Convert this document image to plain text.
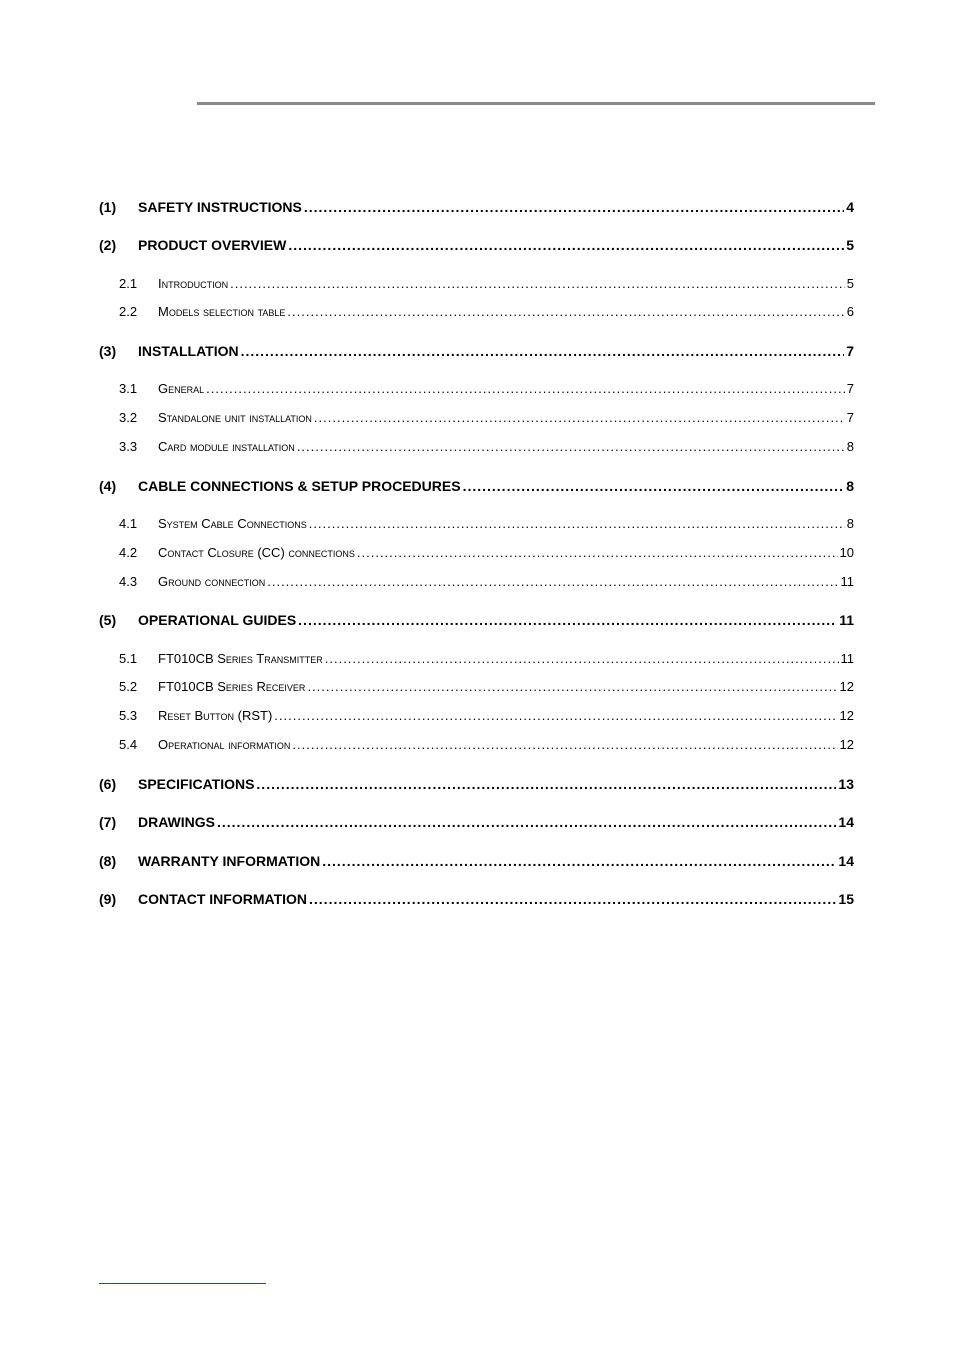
(1)	SAFETY INSTRUCTIONS .....	4
(2)	PRODUCT OVERVIEW .....	5
2.1	Introduction .....	5
2.2	Models selection table .....	6
(3)	INSTALLATION .....	7
3.1	General .....	7
3.2	Standalone unit installation .....	7
3.3	Card module installation .....	8
(4)	CABLE CONNECTIONS & SETUP PROCEDURES .....	8
4.1	System Cable Connections .....	8
4.2	Contact Closure (CC) connections .....	10
4.3	Ground connection .....	11
(5)	OPERATIONAL GUIDES .....	11
5.1	FT010CB Series Transmitter .....	11
5.2	FT010CB Series Receiver .....	12
5.3	Reset Button (RST) .....	12
5.4	Operational information .....	12
(6)	SPECIFICATIONS .....	13
(7)	DRAWINGS .....	14
(8)	WARRANTY INFORMATION .....	14
(9)	CONTACT INFORMATION .....	15
